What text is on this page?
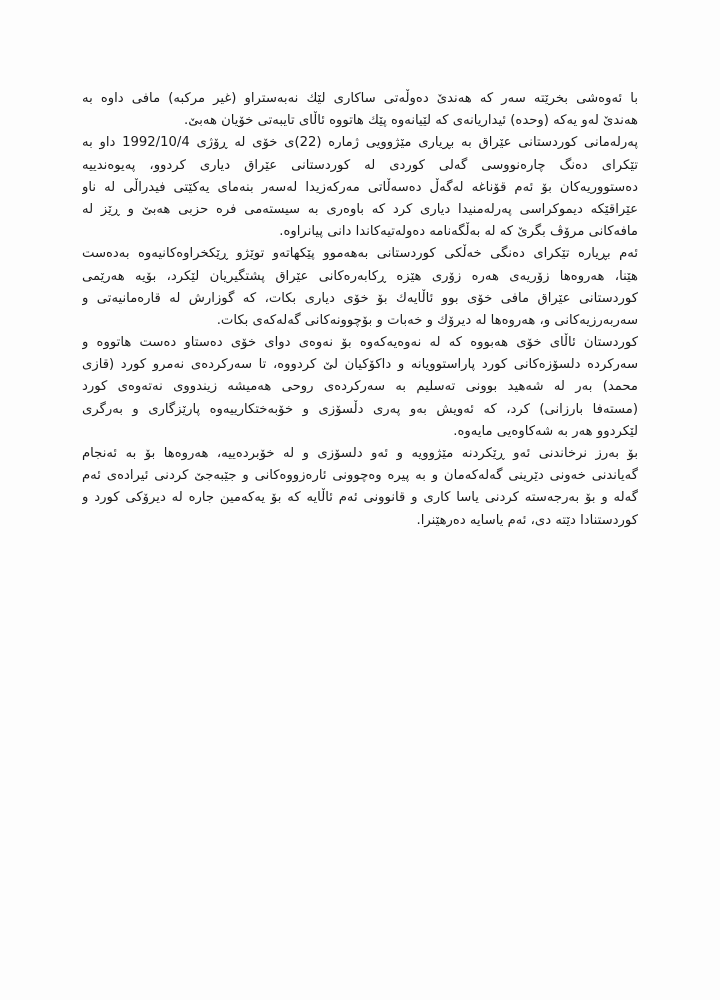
با ئەوەشی بخرێتە سەر کە هەندێ دەوڵەتی ساکاری لێك نەبەستراو (غیر مرکبە) مافی داوە بە
هەندێ لەو یەکە (وحدە) ئیداریانەی کە لێیانەوە پێك هاتووە ئاڵای تایبەتی خۆیان هەبێ.
پەرلەمانی کوردستانی عێراق بە بڕیاری مێژوویی ژمارە (22)ی خۆی لە ڕۆژی 1992/10/4 داو بە
تێکرای دەنگ چارەنووسی گەلی کوردی لە کوردستانی عێراق دیاری کردوو، پەیوەندییە
دەستووریەکان بۆ ئەم قۆناغە لەگەڵ دەسەڵاتی مەرکەزیدا لەسەر بنەمای یەکێتی فیدراڵی لە ناو
عێراقێکە دیموکراسی پەرلەمنیدا دیاری کرد کە باوەری بە سیستەمی فرە حزبی هەبێ و ڕێز لە
مافەکانی مرۆڤ بگرێ کە لە بەڵگەنامە دەولەتیەکاندا دانی پیانراوە.
ئەم بڕیارە تێکرای دەنگی خەڵکی کوردستانی بەهەموو پێکهاتەو توێژو ڕێکخراوەکانیەوە بەدەست
هێنا، هەروەها زۆریەی هەرە زۆری هێزە ڕکابەرەکانی عێراق پشتگیریان لێکرد، بۆیە هەرێمی
کوردستانی عێراق مافی خۆی بوو ئاڵایەك بۆ خۆی دیاری بکات، کە گوزارش لە قارەمانیەتی و
سەربەرزیەکانی و، هەروەها لە دیرۆك و خەبات و بۆچوونەکانی گەلەکەی بکات.
کوردستان ئاڵای خۆی هەبووە کە لە نەوەیەکەوە بۆ نەوەی دوای خۆی دەستاو دەست هاتووە و
سەرکردە دلسۆزەکانی کورد پاراستوویانە و داکۆکیان لێ کردووە، تا سەرکردەی نەمرو کورد (قازی
محمد) بەر لە شەهید بوونی تەسلیم بە سەرکردەی روحی هەمیشە زیندووی نەتەوەی کورد
(مستەفا بارزانی) کرد، کە ئەویش بەو پەری دڵسۆزی و خۆبەختکارییەوە پارێزگاری و بەرگری
لێکردوو هەر بە شەکاوەیی مایەوە.
بۆ بەرز نرخاندنی ئەو ڕێکردنە مێژوویە و ئەو دلسۆزی و لە خۆبردەییە، هەروەها بۆ بە ئەنجام
گەیاندنی خەونی دێرینی گەلەکەمان و بە پیرە وەچوونی ئارەزووەکانی و جێبەجێ کردنی ئیرادەی ئەم
گەلە و بۆ بەرجەستە کردنی یاسا کاری و قانوونی ئەم ئاڵایە کە بۆ یەکەمین جارە لە دیرۆکی کورد و
کوردستنادا دێتە دی، ئەم یاسایە دەرهێنرا.
